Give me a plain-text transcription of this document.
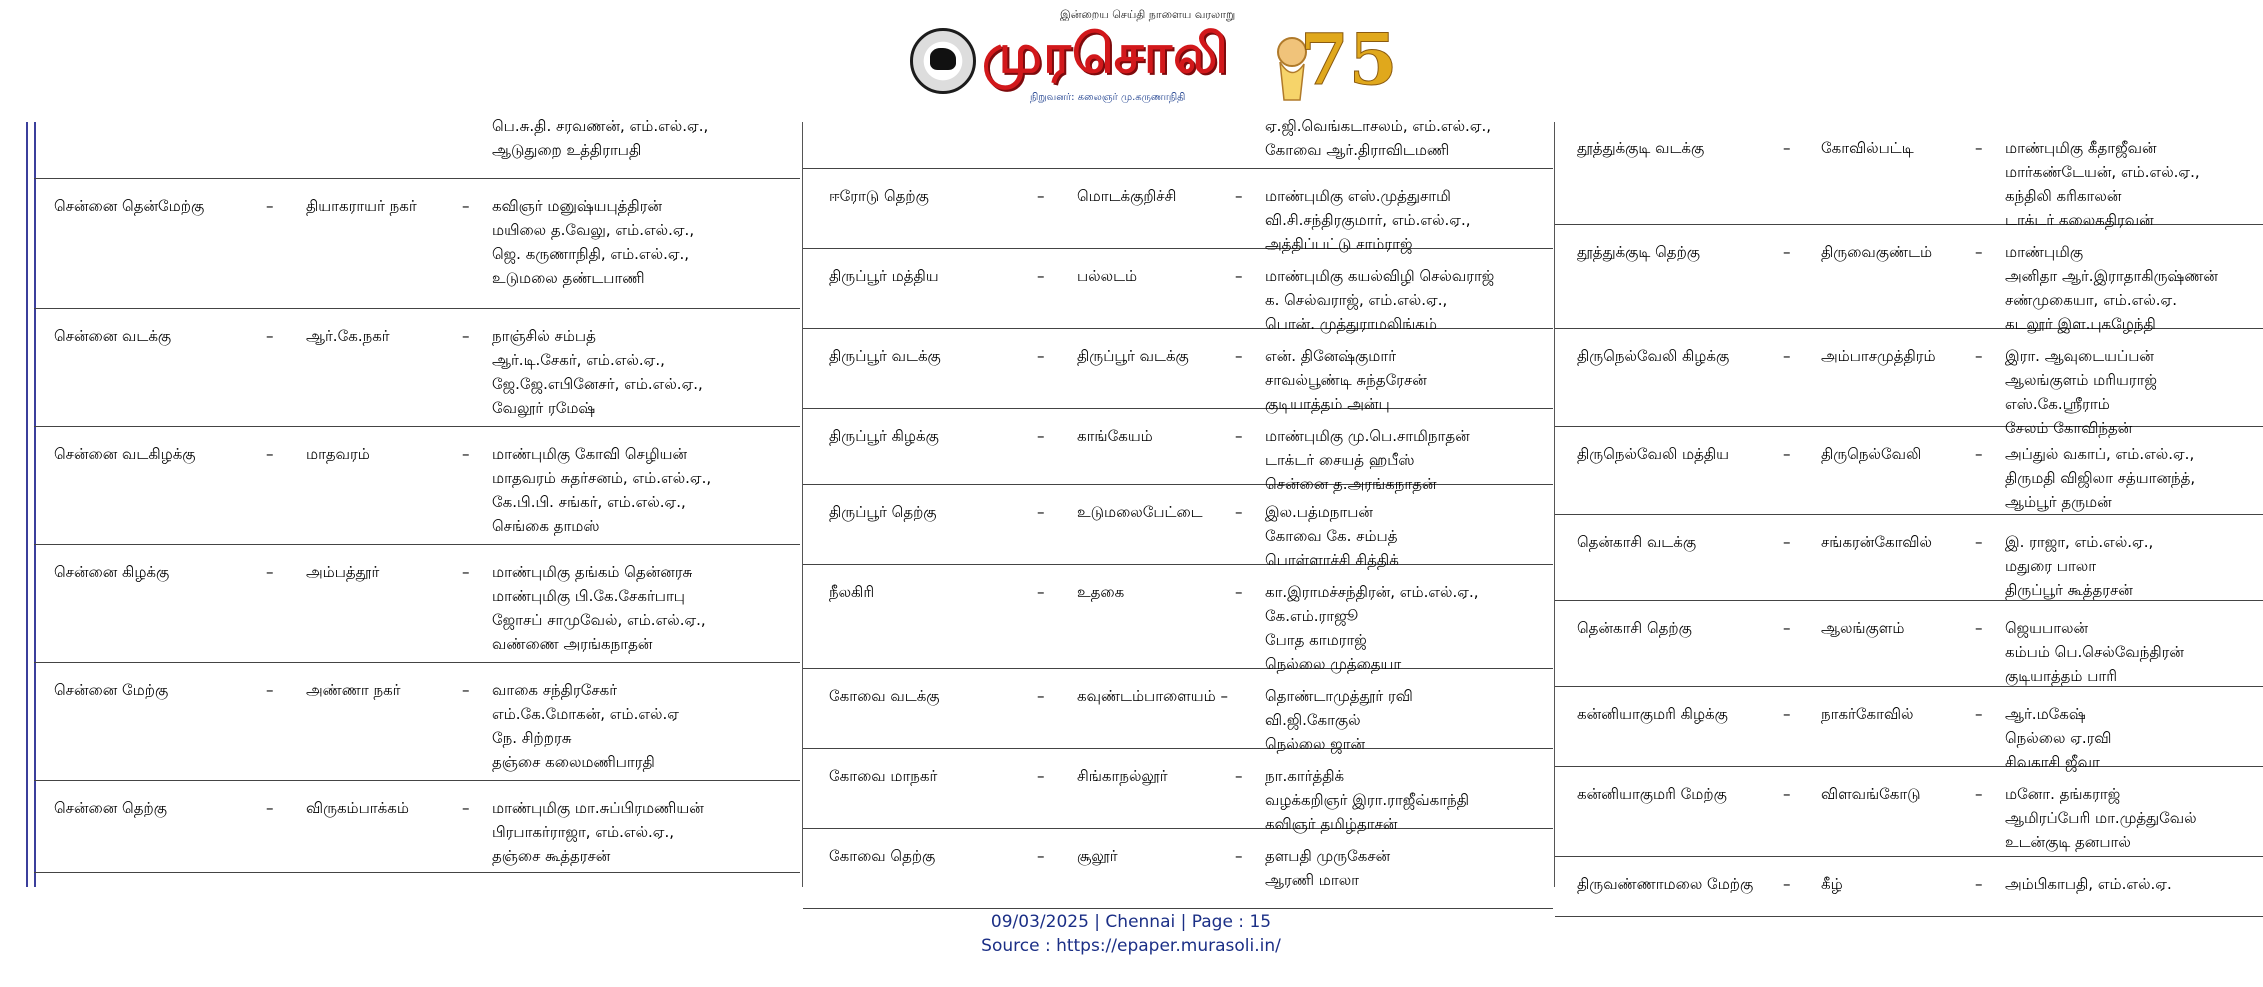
இன்றைய செய்தி நாளைய வரலாறு
முரசொலி
நிறுவனர்: கலைஞர் மு.கருணாநிதி 75
பெ.சு.தி. சரவணன், எம்.எல்.ஏ.,
ஆடுதுறை உத்திராபதி
சென்னை தென்மேற்கு	– தியாகராயர் நகர்	– கவிஞர் மனுஷ்யபுத்திரன்
மயிலை த.வேலு, எம்.எல்.ஏ.,
ஜெ. கருணாநிதி, எம்.எல்.ஏ.,
உடுமலை தண்டபாணி
சென்னை வடக்கு	– ஆர்.கே.நகர்	– நாஞ்சில் சம்பத்
ஆர்.டி.சேகர், எம்.எல்.ஏ.,
ஜே.ஜே.எபினேசர், எம்.எல்.ஏ.,
வேலூர் ரமேஷ்
சென்னை வடகிழக்கு	– மாதவரம்	– மாண்புமிகு கோவி செழியன்
மாதவரம் சுதர்சனம், எம்.எல்.ஏ.,
கே.பி.பி. சங்கர், எம்.எல்.ஏ.,
செங்கை தாமஸ்
சென்னை கிழக்கு	– அம்பத்தூர்	– மாண்புமிகு தங்கம் தென்னரசு
மாண்புமிகு பி.கே.சேகர்பாபு
ஜோசப் சாமுவேல், எம்.எல்.ஏ.,
வண்ணை அரங்கநாதன்
சென்னை மேற்கு	– அண்ணா நகர்	– வாகை சந்திரசேகர்
எம்.கே.மோகன், எம்.எல்.ஏ
நே. சிற்றரசு
தஞ்சை கலைமணிபாரதி
சென்னை தெற்கு	– விருகம்பாக்கம்	– மாண்புமிகு மா.சுப்பிரமணியன்
பிரபாகர்ராஜா, எம்.எல்.ஏ.,
தஞ்சை கூத்தரசன்
ஏ.ஜி.வெங்கடாசலம், எம்.எல்.ஏ.,
கோவை ஆர்.திராவிடமணி
ஈரோடு தெற்கு	– மொடக்குறிச்சி	– மாண்புமிகு எஸ்.முத்துசாமி
வி.சி.சந்திரகுமார், எம்.எல்.ஏ.,
அத்திப்பட்டு சாம்ராஜ்
திருப்பூர் மத்திய	– பல்லடம்	– மாண்புமிகு கயல்விழி செல்வராஜ்
க. செல்வராஜ், எம்.எல்.ஏ.,
பொன். முத்துராமலிங்கம்
திருப்பூர் வடக்கு	– திருப்பூர் வடக்கு	– என். தினேஷ்குமார்
சாவல்பூண்டி சுந்தரேசன்
குடியாத்தம் அன்பு
திருப்பூர் கிழக்கு	– காங்கேயம்	– மாண்புமிகு மு.பெ.சாமிநாதன்
டாக்டர் சையத் ஹபீஸ்
சென்னை த.அரங்கநாதன்
திருப்பூர் தெற்கு	– உடுமலைபேட்டை – இல.பத்மநாபன்
கோவை கே. சம்பத்
பொள்ளாச்சி சித்திக்
நீலகிரி	– உதகை	– கா.இராமச்சந்திரன், எம்.எல்.ஏ.,
கே.எம்.ராஜூ
போத காமராஜ்
நெல்லை முத்தையா
கோவை வடக்கு	– கவுண்டம்பாளையம் – தொண்டாமுத்தூர் ரவி
வி.ஜி.கோகுல்
நெல்லை ஜான்
கோவை மாநகர்	– சிங்காநல்லூர்	– நா.கார்த்திக்
வழக்கறிஞர் இரா.ராஜீவ்காந்தி
கவிஞர் தமிழ்தாசன்
கோவை தெற்கு	– சூலூர்	– தளபதி முருகேசன்
ஆரணி மாலா
தூத்துக்குடி வடக்கு	– கோவில்பட்டி	– மாண்புமிகு கீதாஜீவன்
மார்கண்டேயன், எம்.எல்.ஏ.,
கந்திலி கரிகாலன்
டாக்டர் கலைகதிரவன்
தூத்துக்குடி தெற்கு	– திருவைகுண்டம்	– மாண்புமிகு
அனிதா ஆர்.இராதாகிருஷ்ணன்
சண்முகையா, எம்.எல்.ஏ.
கடலூர் இள.புகழேந்தி
திருநெல்வேலி கிழக்கு	– அம்பாசமுத்திரம்	– இரா. ஆவுடையப்பன்
ஆலங்குளம் மரியராஜ்
எஸ்.கே.ஸ்ரீராம்
சேலம் கோவிந்தன்
திருநெல்வேலி மத்திய	– திருநெல்வேலி	– அப்துல் வகாப், எம்.எல்.ஏ.,
திருமதி விஜிலா சத்யானந்த்,
ஆம்பூர் தருமன்
தென்காசி வடக்கு	– சங்கரன்கோவில்	– இ. ராஜா, எம்.எல்.ஏ.,
மதுரை பாலா
திருப்பூர் கூத்தரசன்
தென்காசி தெற்கு	– ஆலங்குளம்	– ஜெயபாலன்
கம்பம் பெ.செல்வேந்திரன்
குடியாத்தம் பாரி
கன்னியாகுமரி கிழக்கு	– நாகர்கோவில்	– ஆர்.மகேஷ்
நெல்லை ஏ.ரவி
சிவகாசி ஜீவா
கன்னியாகுமரி மேற்கு	– விளவங்கோடு	– மனோ. தங்கராஜ்
ஆமிரப்பேரி மா.முத்துவேல்
உடன்குடி தனபால்
திருவண்ணாமலை மேற்கு – கீழ்	– அம்பிகாபதி, எம்.எல்.ஏ.
09/03/2025 | Chennai | Page : 15
Source : https://epaper.murasoli.in/
